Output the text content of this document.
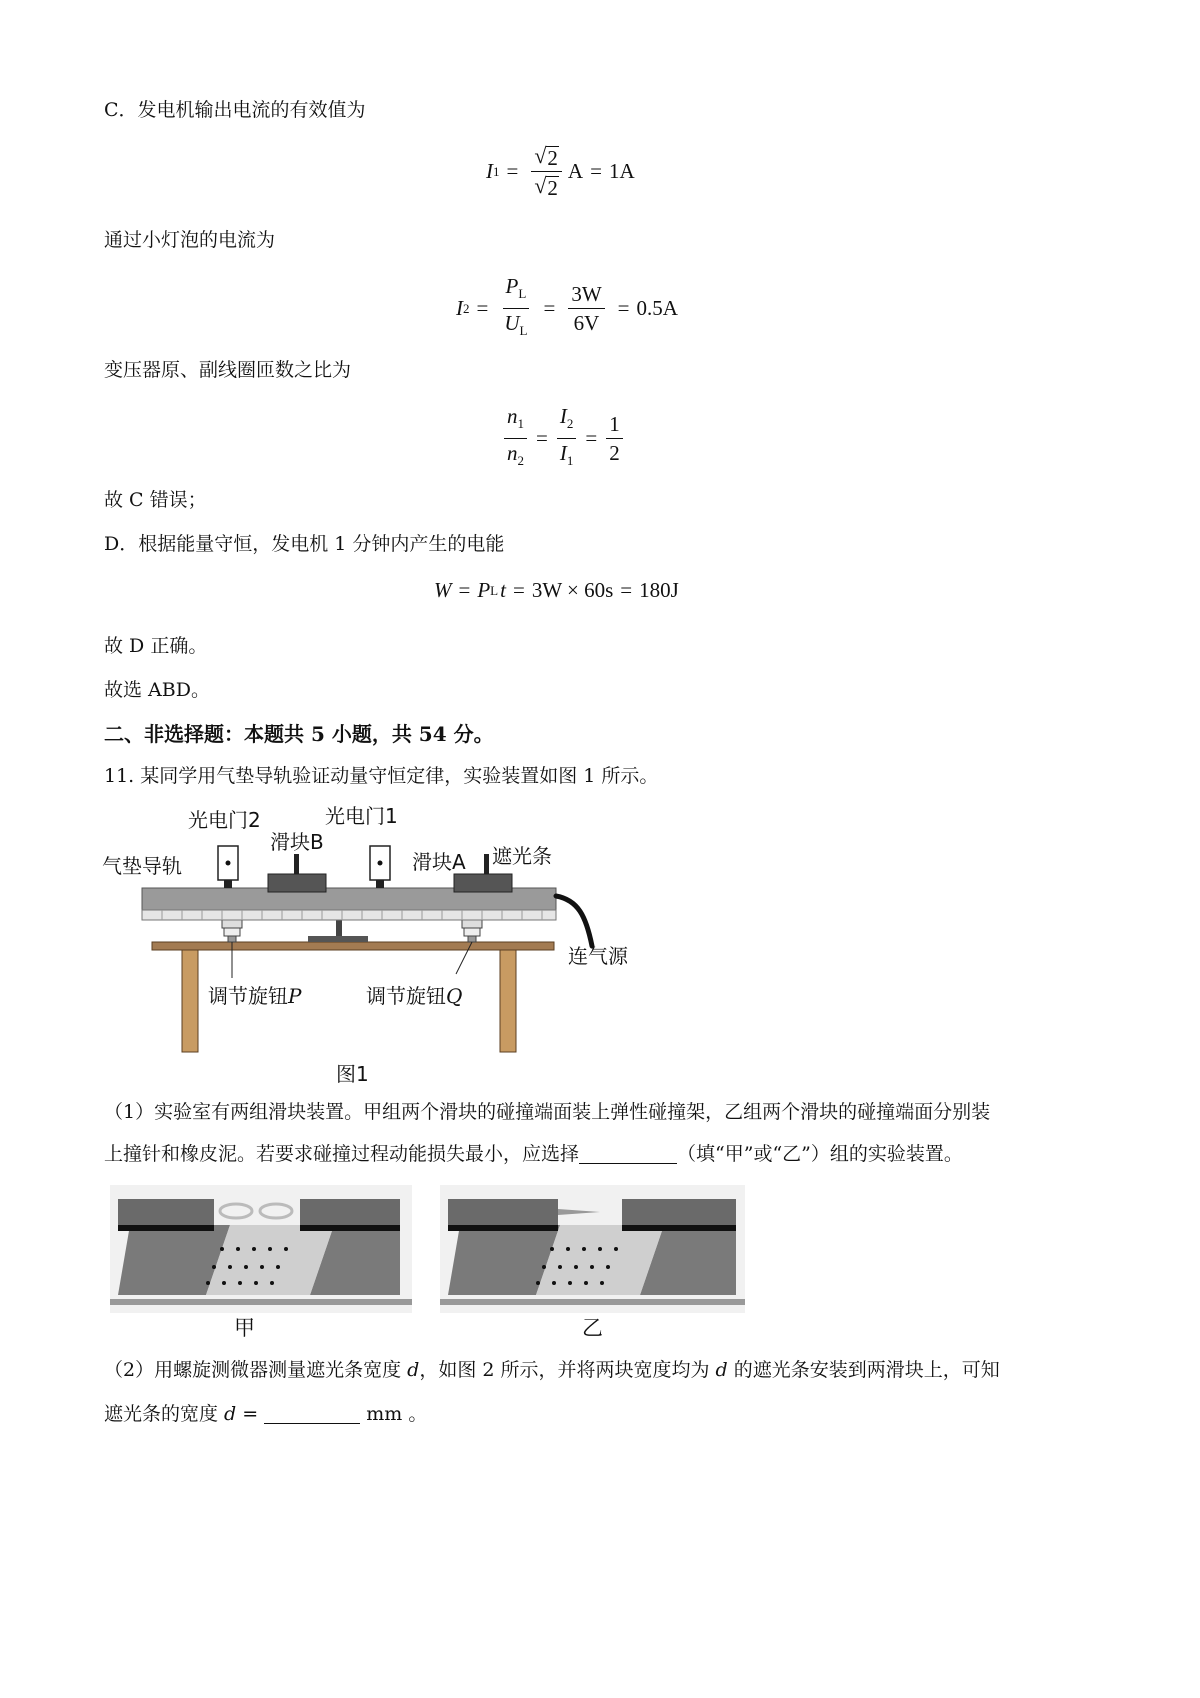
C．发电机输出电流的有效值为
I $1 = \frac{√ 2}{√ 2}$ A = 1A
通过小灯泡的电流为
I $2 = \frac{P_L}{U_L} = \frac{3W}{6V} = 0.5A$
变压器原、副线圈匝数之比为
$\frac{n_1}{n_2} = \frac{I_2}{I_1} = \frac{1}{2}$
故 C 错误；
D．根据能量守恒，发电机 1 分钟内产生的电能
W = P L t = 3W × 60s = 180J
故 D 正确。
故选 ABD。
二、非选择题：本题共 5 小题，共 54 分。
11. 某同学用气垫导轨验证动量守恒定律，实验装置如图 1 所示。
光电门2
滑块B
光电门1
滑块A 遮光条
气垫导轨
连气源
调节旋钮P	调节旋钮Q
图1
（1）实验室有两组滑块装置。甲组两个滑块的碰撞端面装上弹性碰撞架，乙组两个滑块的碰撞端面分别装
上撞针和橡皮泥。若要求碰撞过程动能损失最小，应选择	（填“甲”或“乙”）组的实验装置。
甲	乙
（2）用螺旋测微器测量遮光条宽度 d，如图 2 所示，并将两块宽度均为 d 的遮光条安装到两滑块上，可知
遮光条的宽度 d =	mm 。
